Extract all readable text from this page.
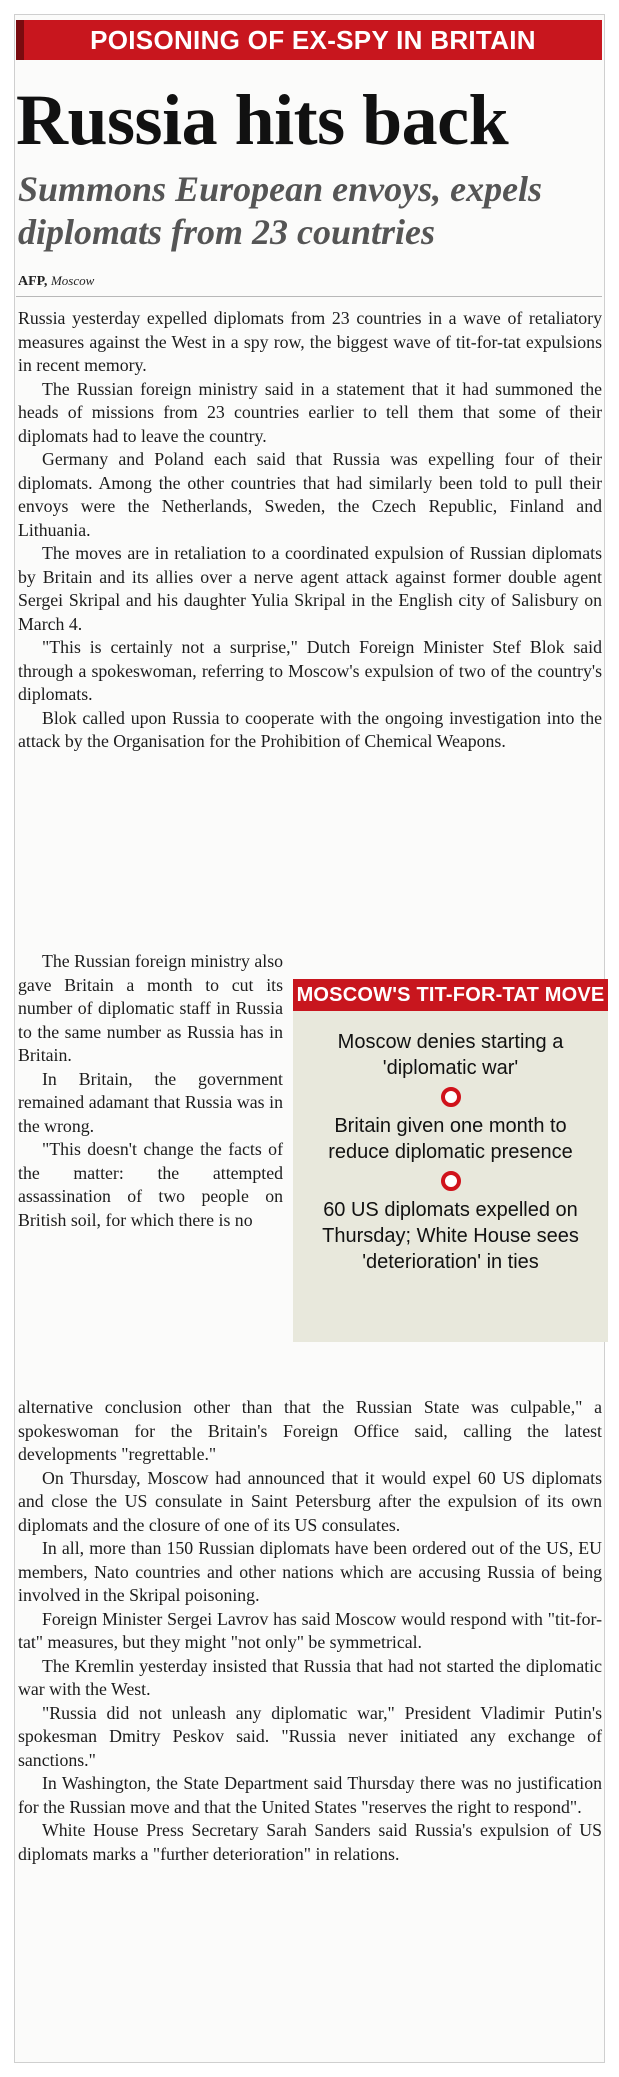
POISONING OF EX-SPY IN BRITAIN
Russia hits back
Summons European envoys, expels diplomats from 23 countries
AFP, Moscow

Russia yesterday expelled diplomats from 23 countries in a wave of retaliatory measures against the West in a spy row, the biggest wave of tit-for-tat expulsions in recent memory.

The Russian foreign ministry said in a statement that it had summoned the heads of missions from 23 countries earlier to tell them that some of their diplomats had to leave the country.

Germany and Poland each said that Russia was expelling four of their diplomats. Among the other countries that had similarly been told to pull their envoys were the Netherlands, Sweden, the Czech Republic, Finland and Lithuania.

The moves are in retaliation to a coordinated expulsion of Russian diplomats by Britain and its allies over a nerve agent attack against former double agent Sergei Skripal and his daughter Yulia Skripal in the English city of Salisbury on March 4.

"This is certainly not a surprise," Dutch Foreign Minister Stef Blok said through a spokeswoman, referring to Moscow's expulsion of two of the country's diplomats.

Blok called upon Russia to cooperate with the ongoing investigation into the attack by the Organisation for the Prohibition of Chemical Weapons.

The Russian foreign ministry also gave Britain a month to cut its number of diplomatic staff in Russia to the same number as Russia has in Britain.

In Britain, the government remained adamant that Russia was in the wrong.

"This doesn't change the facts of the matter: the attempted assassination of two people on British soil, for which there is no

MOSCOW'S TIT-FOR-TAT MOVE
Moscow denies starting a 'diplomatic war'
Britain given one month to reduce diplomatic presence
60 US diplomats expelled on Thursday; White House sees 'deterioration' in ties

alternative conclusion other than that the Russian State was culpable," a spokeswoman for the Britain's Foreign Office said, calling the latest developments "regrettable."

On Thursday, Moscow had announced that it would expel 60 US diplomats and close the US consulate in Saint Petersburg after the expulsion of its own diplomats and the closure of one of its US consulates.

In all, more than 150 Russian diplomats have been ordered out of the US, EU members, Nato countries and other nations which are accusing Russia of being involved in the Skripal poisoning.

Foreign Minister Sergei Lavrov has said Moscow would respond with "tit-for-tat" measures, but they might "not only" be symmetrical.

The Kremlin yesterday insisted that Russia that had not started the diplomatic war with the West.

"Russia did not unleash any diplomatic war," President Vladimir Putin's spokesman Dmitry Peskov said. "Russia never initiated any exchange of sanctions."

In Washington, the State Department said Thursday there was no justification for the Russian move and that the United States "reserves the right to respond".

White House Press Secretary Sarah Sanders said Russia's expulsion of US diplomats marks a "further deterioration" in relations.
